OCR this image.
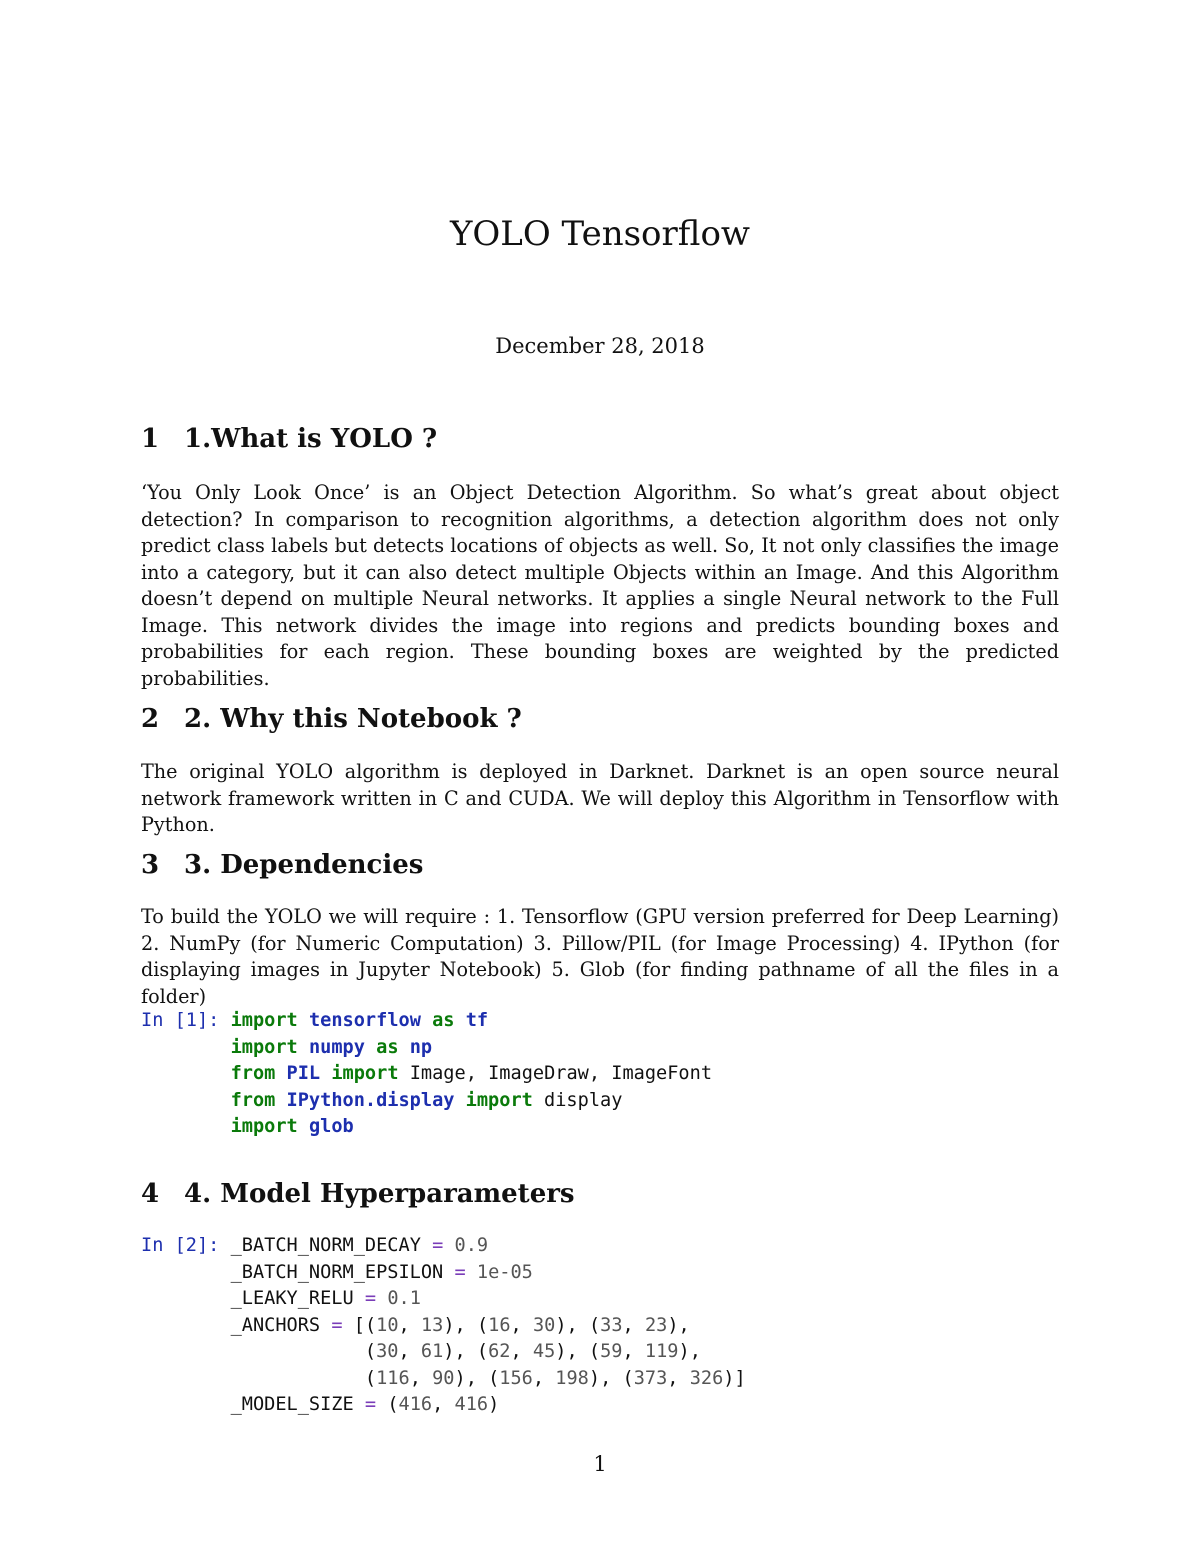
YOLO Tensorflow
December 28, 2018
1 1.What is YOLO ?

‘You Only Look Once’ is an Object Detection Algorithm. So what’s great about object detection? In comparison to recognition algorithms, a detection algorithm does not only predict class labels but detects locations of objects as well. So, It not only classifies the image into a category, but it can also detect multiple Objects within an Image. And this Algorithm doesn’t depend on multiple Neural networks. It applies a single Neural network to the Full Image. This network divides the image into regions and predicts bounding boxes and probabilities for each region. These bounding boxes are weighted by the predicted probabilities.

2 2. Why this Notebook ?

The original YOLO algorithm is deployed in Darknet. Darknet is an open source neural network framework written in C and CUDA. We will deploy this Algorithm in Tensorflow with Python.

3 3. Dependencies

To build the YOLO we will require : 1. Tensorflow (GPU version preferred for Deep Learning) 2. NumPy (for Numeric Computation) 3. Pillow/PIL (for Image Processing) 4. IPython (for displaying images in Jupyter Notebook) 5. Glob (for finding pathname of all the files in a folder)

In [1]: import tensorflow as tf
import numpy as np
from PIL import Image, ImageDraw, ImageFont
from IPython.display import display
import glob

4 4. Model Hyperparameters
In [2]: _BATCH_NORM_DECAY = 0.9
_BATCH_NORM_EPSILON = 1e-05
_LEAKY_RELU = 0.1
_ANCHORS = [(10, 13), (16, 30), (33, 23),
(30, 61), (62, 45), (59, 119),
(116, 90), (156, 198), (373, 326)]
_MODEL_SIZE = (416, 416)

1
